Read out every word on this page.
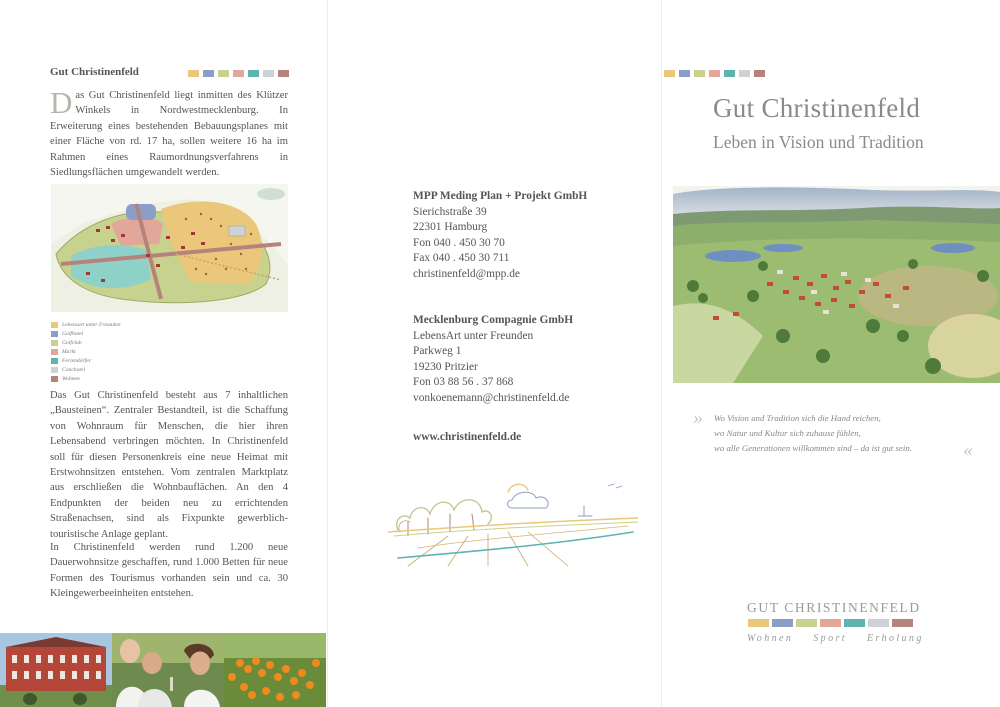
Gut Christinenfeld
Das Gut Christinenfeld liegt inmitten des Klützer Winkels in Nordwestmecklenburg. In Erweiterung eines bestehenden Bebauungsplanes mit einer Fläche von rd. 17 ha, sollen weitere 16 ha im Rahmen eines Raumordnungsverfahrens in Siedlungsflächen umgewandelt werden.
Lebensart unter Freunden
Golfhotel
Golfclub
Markt
Feriendörfer
Conchotel
Wohnen
Das Gut Christinenfeld besteht aus 7 inhaltlichen „Bausteinen“. Zentraler Bestandteil, ist die Schaffung von Wohnraum für Menschen, die hier ihren Lebensabend verbringen möchten. In Christinenfeld soll für diesen Personenkreis eine neue Heimat mit Erstwohnsitzen entstehen. Vom zentralen Marktplatz aus erschließen die Wohnbauflächen. An den 4 Endpunkten der beiden neu zu errichtenden Straßenachsen, sind als Fixpunkte gewerblich-touristische Anlage geplant.
In Christinenfeld werden rund 1.200 neue Dauerwohnsitze geschaffen, rund 1.000 Betten für neue Formen des Tourismus vorhanden sein und ca. 30 Kleingewerbeeinheiten entstehen.
MPP Meding Plan + Projekt GmbH
Sierichstraße 39
22301 Hamburg
Fon 040 . 450 30 70
Fax 040 . 450 30 711
christinenfeld@mpp.de
Mecklenburg Compagnie GmbH
LebensArt unter Freunden
Parkweg 1
19230 Pritzier
Fon 03 88 56 . 37 868
vonkoenemann@christinenfeld.de
www.christinenfeld.de
Gut Christinenfeld
Leben in Vision und Tradition
» Wo Vision und Tradition sich die Hand reichen,
wo Natur und Kultur sich zuhause fühlen,
wo alle Generationen willkommen sind – da ist gut sein.	«
GUT CHRISTINENFELD
Wohnen Sport Erholung
